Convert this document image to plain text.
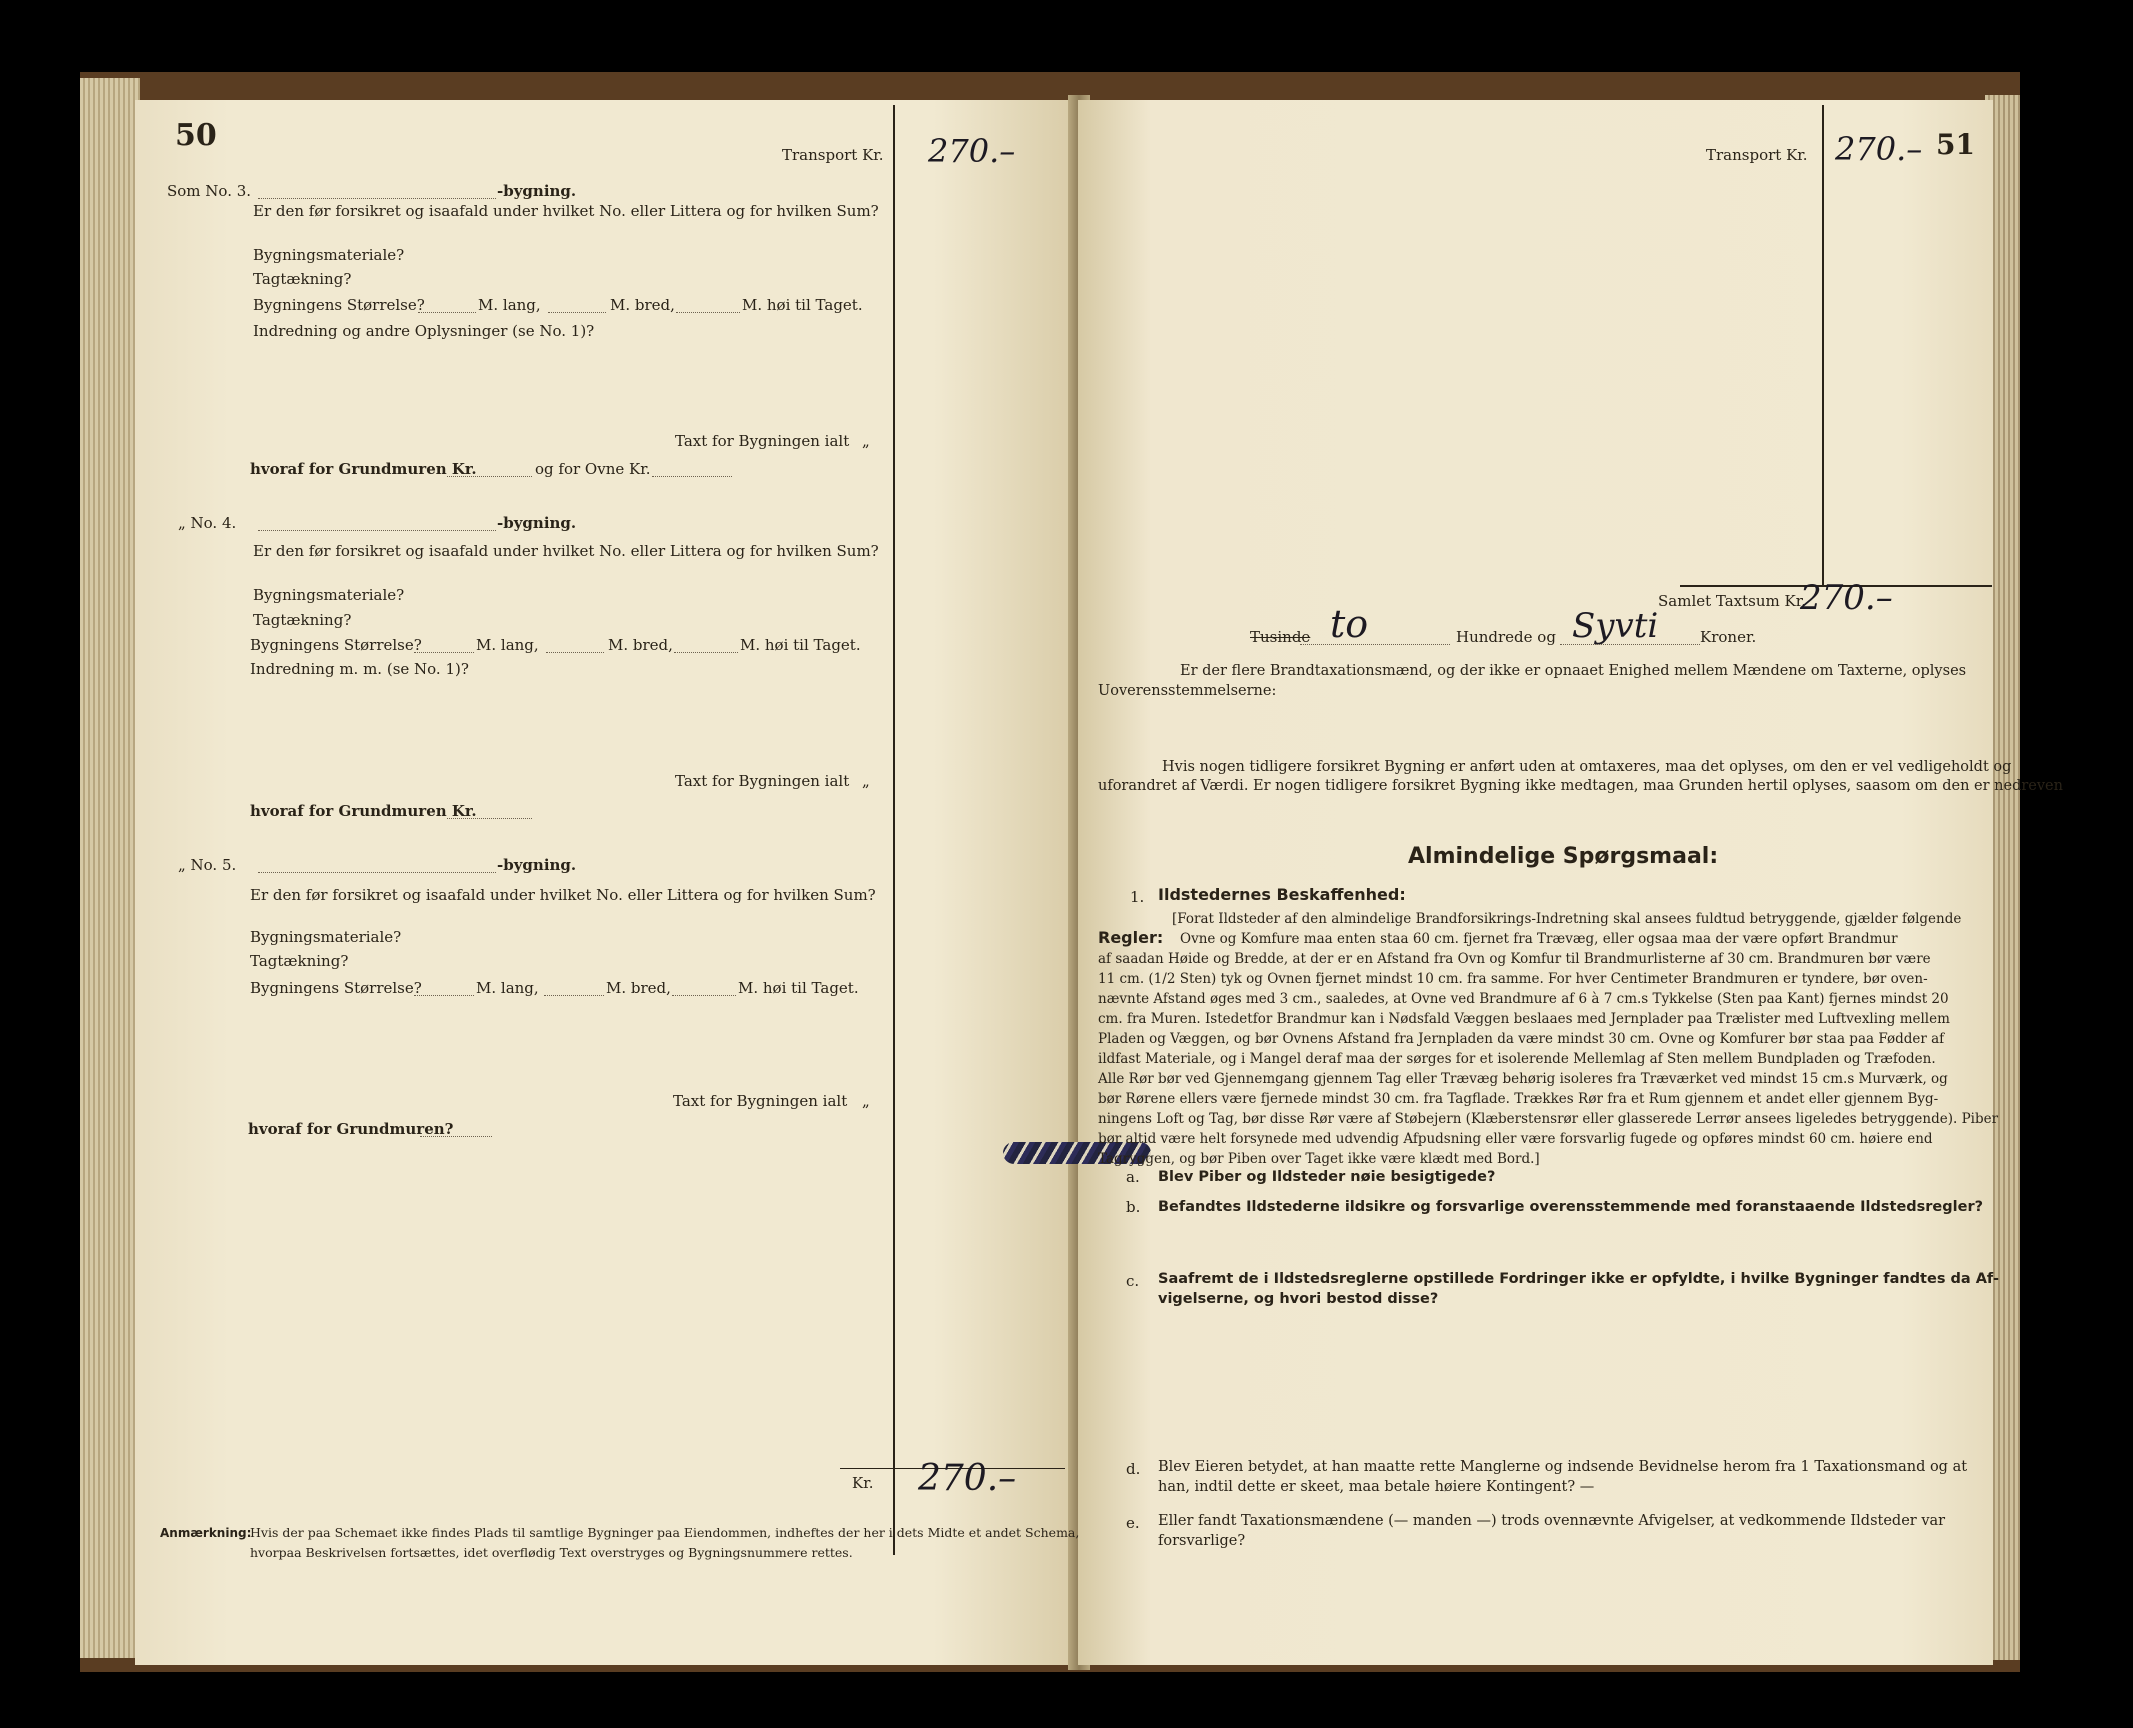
50
Transport Kr. 270.–
Som No. 3.	-bygning.
Er den før forsikret og isaafald under hvilket No. eller Littera og for hvilken Sum?
Bygningsmateriale?
Tagtækning?
Bygningens Størrelse?	M. lang,	M. bred,	M. høi til Taget.
Indredning og andre Oplysninger (se No. 1)?
Taxt for Bygningen ialt „
hvoraf for Grundmuren Kr.	og for Ovne Kr.
„ No. 4.	-bygning.
Er den før forsikret og isaafald under hvilket No. eller Littera og for hvilken Sum?
Bygningsmateriale?
Tagtækning?
Bygningens Størrelse?	M. lang,	M. bred,	M. høi til Taget.
Indredning m. m. (se No. 1)?
Taxt for Bygningen ialt „
hvoraf for Grundmuren Kr.
„ No. 5.	-bygning.
Er den før forsikret og isaafald under hvilket No. eller Littera og for hvilken Sum?
Bygningsmateriale?
Tagtækning?
Bygningens Størrelse?	M. lang,	M. bred,	M. høi til Taget.
Taxt for Bygningen ialt „
hvoraf for Grundmuren?
Kr. 270.–
Anmærkning:
Hvis der paa Schemaet ikke findes Plads til samtlige Bygninger paa Eiendommen, indheftes der her i dets Midte et andet Schema,
hvorpaa Beskrivelsen fortsættes, idet overflødig Text overstryges og Bygningsnummere rettes.
Transport Kr. 270.– 51
Samlet Taxtsum Kr.
270.–
Tusinde to	Hundrede og Syvti	Kroner.
Er der flere Brandtaxationsmænd, og der ikke er opnaaet Enighed mellem Mændene om Taxterne, oplyses
Uoverensstemmelserne:
Hvis nogen tidligere forsikret Bygning er anført uden at omtaxeres, maa det oplyses, om den er vel vedligeholdt og
uforandret af Værdi. Er nogen tidligere forsikret Bygning ikke medtagen, maa Grunden hertil oplyses, saasom om den er nedreven
Almindelige Spørgsmaal:
1. Ildstedernes Beskaffenhed:
Regler:
[Forat Ildsteder af den almindelige Brandforsikrings-Indretning skal ansees fuldtud betryggende, gjælder følgende
Ovne og Komfure maa enten staa 60 cm. fjernet fra Trævæg, eller ogsaa maa der være opført Brandmur
af saadan Høide og Bredde, at der er en Afstand fra Ovn og Komfur til Brandmurlisterne af 30 cm. Brandmuren bør være
11 cm. (1/2 Sten) tyk og Ovnen fjernet mindst 10 cm. fra samme. For hver Centimeter Brandmuren er tyndere, bør oven-
nævnte Afstand øges med 3 cm., saaledes, at Ovne ved Brandmure af 6 à 7 cm.s Tykkelse (Sten paa Kant) fjernes mindst 20
cm. fra Muren. Istedetfor Brandmur kan i Nødsfald Væggen beslaaes med Jernplader paa Trælister med Luftvexling mellem
Pladen og Væggen, og bør Ovnens Afstand fra Jernpladen da være mindst 30 cm. Ovne og Komfurer bør staa paa Fødder af
ildfast Materiale, og i Mangel deraf maa der sørges for et isolerende Mellemlag af Sten mellem Bundpladen og Træfoden.
Alle Rør bør ved Gjennemgang gjennem Tag eller Trævæg behørig isoleres fra Træværket ved mindst 15 cm.s Murværk, og
bør Rørene ellers være fjernede mindst 30 cm. fra Tagflade. Trækkes Rør fra et Rum gjennem et andet eller gjennem Byg-
ningens Loft og Tag, bør disse Rør være af Støbejern (Klæberstensrør eller glasserede Lerrør ansees ligeledes betryggende). Piber
bør altid være helt forsynede med udvendig Afpudsning eller være forsvarlig fugede og opføres mindst 60 cm. høiere end
Tagryggen, og bør Piben over Taget ikke være klædt med Bord.]
a. Blev Piber og Ildsteder nøie besigtigede?
b. Befandtes Ildstederne ildsikre og forsvarlige overensstemmende med foranstaaende Ildstedsregler?
c. Saafremt de i Ildstedsreglerne opstillede Fordringer ikke er opfyldte, i hvilke Bygninger fandtes da Af-
vigelserne, og hvori bestod disse?
d. Blev Eieren betydet, at han maatte rette Manglerne og indsende Bevidnelse herom fra 1 Taxationsmand og at
han, indtil dette er skeet, maa betale høiere Kontingent? —
e. Eller fandt Taxationsmændene (— manden —) trods ovennævnte Afvigelser, at vedkommende Ildsteder var
forsvarlige?
